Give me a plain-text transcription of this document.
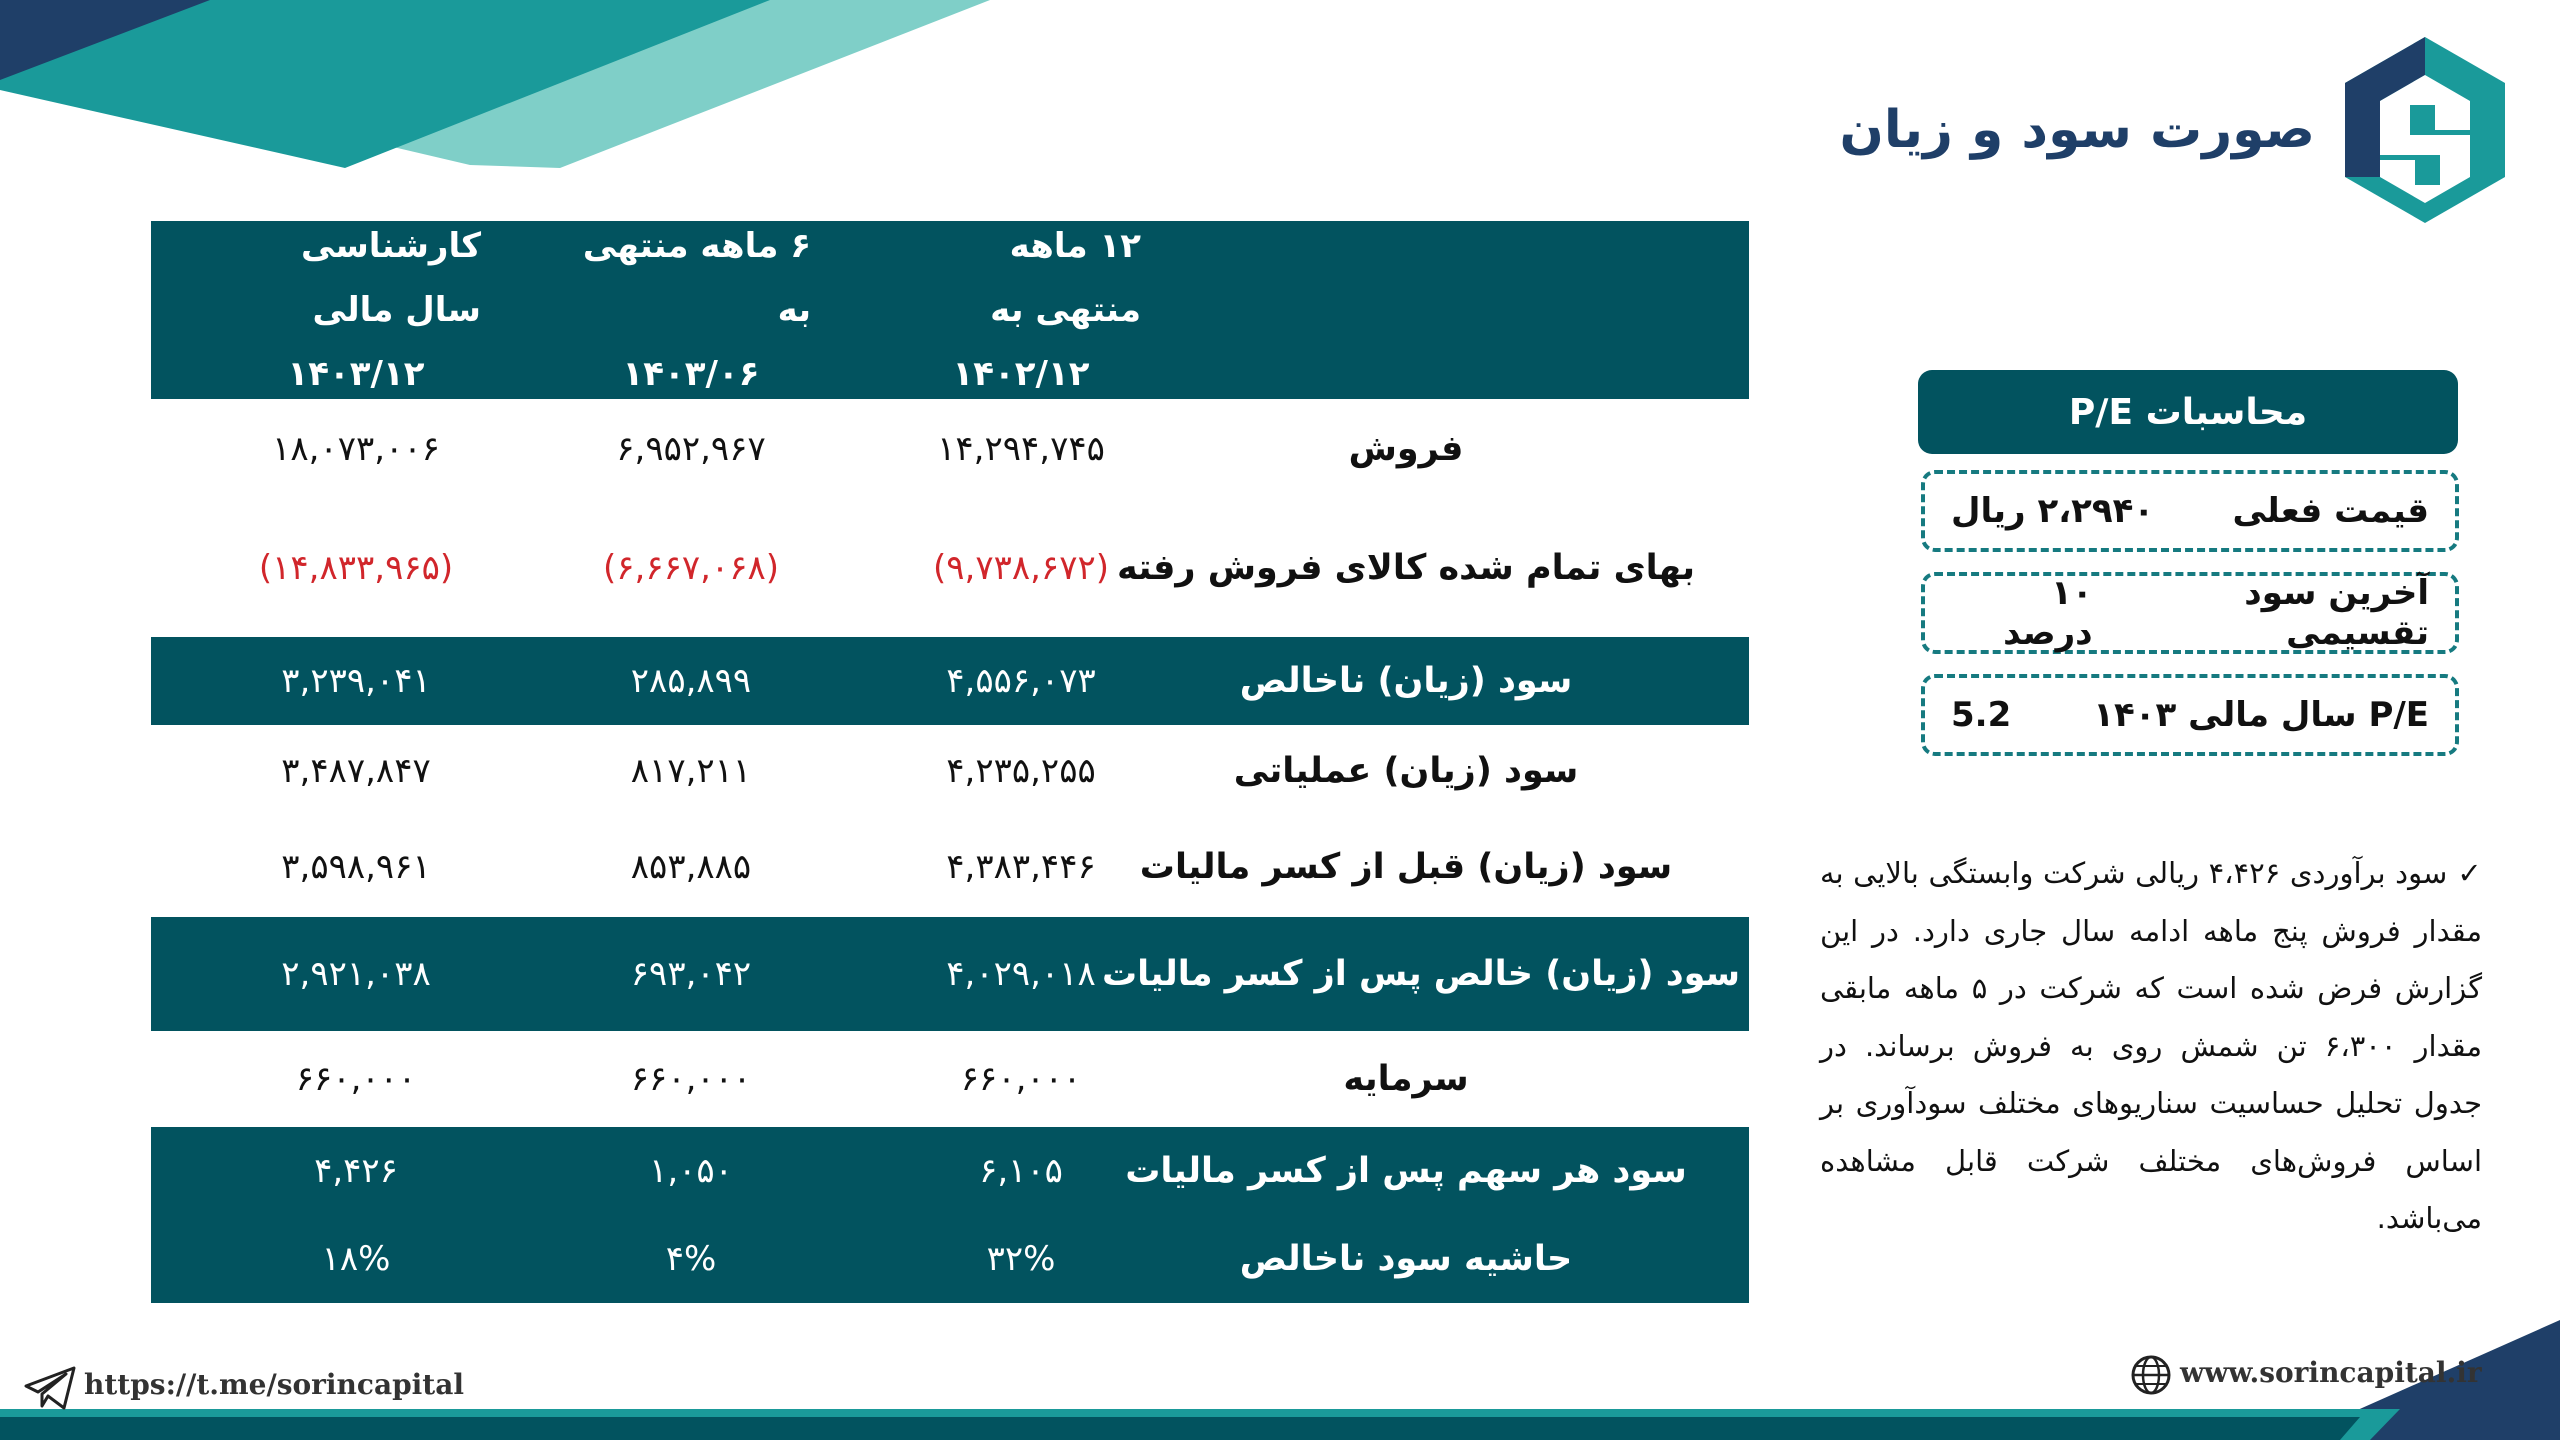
صورت سود و زیان
۱۲ ماهه منتهی به
۱۴۰۲/۱۲
۶ ماهه منتهی به
۱۴۰۳/۰۶
کارشناسی سال مالی
۱۴۰۳/۱۲
فروش
۱۴,۲۹۴,۷۴۵
۶,۹۵۲,۹۶۷
۱۸,۰۷۳,۰۰۶
بهای تمام شده کالای فروش رفته
(۹,۷۳۸,۶۷۲)
(۶,۶۶۷,۰۶۸)
(۱۴,۸۳۳,۹۶۵)
سود (زیان) ناخالص
۴,۵۵۶,۰۷۳
۲۸۵,۸۹۹
۳,۲۳۹,۰۴۱
سود (زیان) عملیاتی
۴,۲۳۵,۲۵۵
۸۱۷,۲۱۱
۳,۴۸۷,۸۴۷
سود (زیان) قبل از کسر مالیات
۴,۳۸۳,۴۴۶
۸۵۳,۸۸۵
۳,۵۹۸,۹۶۱
سود (زیان) خالص پس از کسر مالیات
۴,۰۲۹,۰۱۸
۶۹۳,۰۴۲
۲,۹۲۱,۰۳۸
سرمایه
۶۶۰,۰۰۰
۶۶۰,۰۰۰
۶۶۰,۰۰۰
سود هر سهم پس از کسر مالیات
۶,۱۰۵
۱,۰۵۰
۴,۴۲۶
حاشیه سود ناخالص
۳۲%
۴%
۱۸%
محاسبات P/E
قیمت فعلی
۲،۲۹۴۰ ریال
آخرین سود تقسیمی
۱۰ درصد
P/E سال مالی ۱۴۰۳
5.2
✓سود برآوردی ۴،۴۲۶ ریالی شرکت وابستگی بالایی به مقدار فروش پنج ماهه ادامه سال جاری دارد. در این گزارش فرض شده است که شرکت در ۵ ماهه مابقی مقدار ۶،۳۰۰ تن شمش روی به فروش برساند. در جدول تحلیل حساسیت سناریوهای مختلف سودآوری بر اساس فروش‌های مختلف شرکت قابل مشاهده می‌باشد.
https://t.me/sorincapital	www.sorincapital.ir
